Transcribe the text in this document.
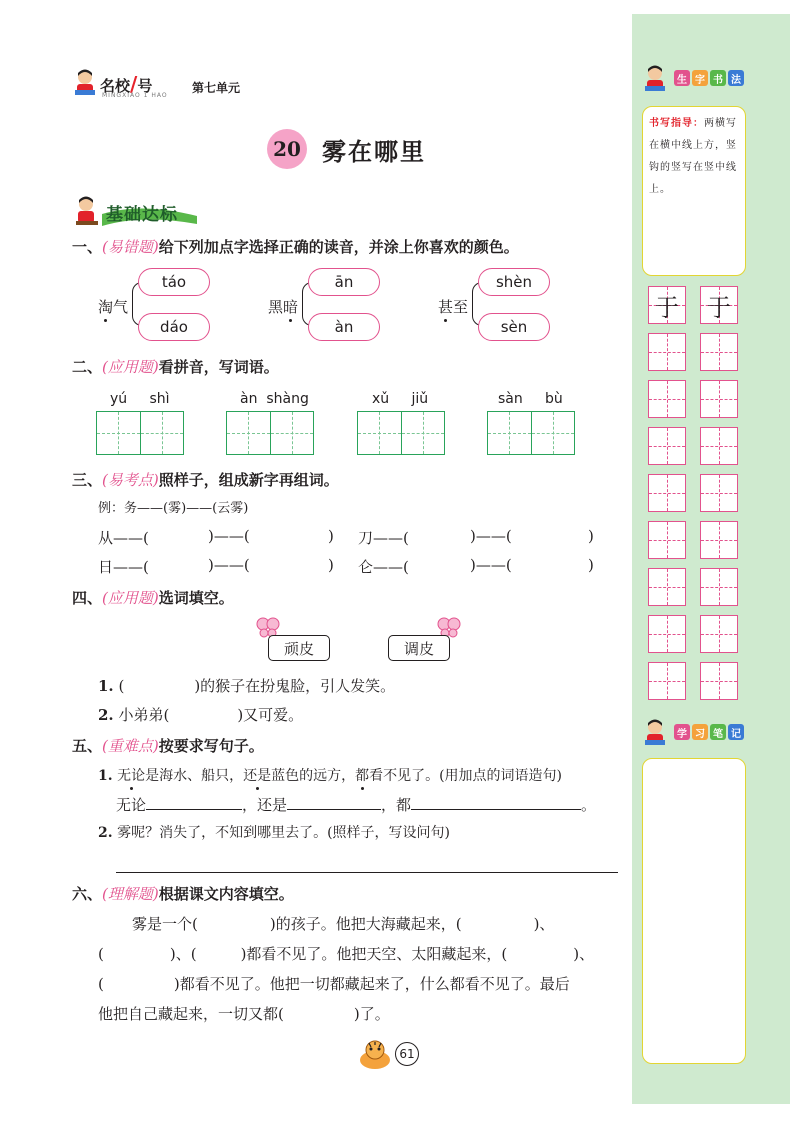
名校/号
MINGXIAO 1 HAO
第七单元
20 雾在哪里
基础达标
一、(易错题)给下列加点字选择正确的读音，并涂上你喜欢的颜色。
淘气
táo
dáo
黑暗
ān
àn
甚至
shèn
sèn
二、(应用题)看拼音，写词语。
yú shì	àn shàng	xǔ jiǔ	sàn bù
三、(易考点)照样子，组成新字再组词。
例：务——(雾)——(云雾)
从——(	)——(	) 刀——(	)——(	)
日——(	)——(	) 仑——(	)——(	)
四、(应用题)选词填空。
顽皮	调皮
1. (	)的猴子在扮鬼脸，引人发笑。
2. 小弟弟(	)又可爱。
五、(重难点)按要求写句子。
1. 无论是海水、船只，还是蓝色的远方，都看不见了。(用加点的词语造句)
无论	，还是	，都	。
2. 雾呢？消失了，不知到哪里去了。(照样子，写设问句)
六、(理解题)根据课文内容填空。
雾是一个(	)的孩子。他把大海藏起来，(	)、
(	)、(	)都看不见了。他把天空、太阳藏起来，(	)、
(	)都看不见了。他把一切都藏起来了，什么都看不见了。最后
他把自己藏起来，一切又都(	)了。
61
生 字 书 法
书写指导：两横写在横中线上方，竖钩的竖写在竖中线上。
于 于
学 习 笔 记
